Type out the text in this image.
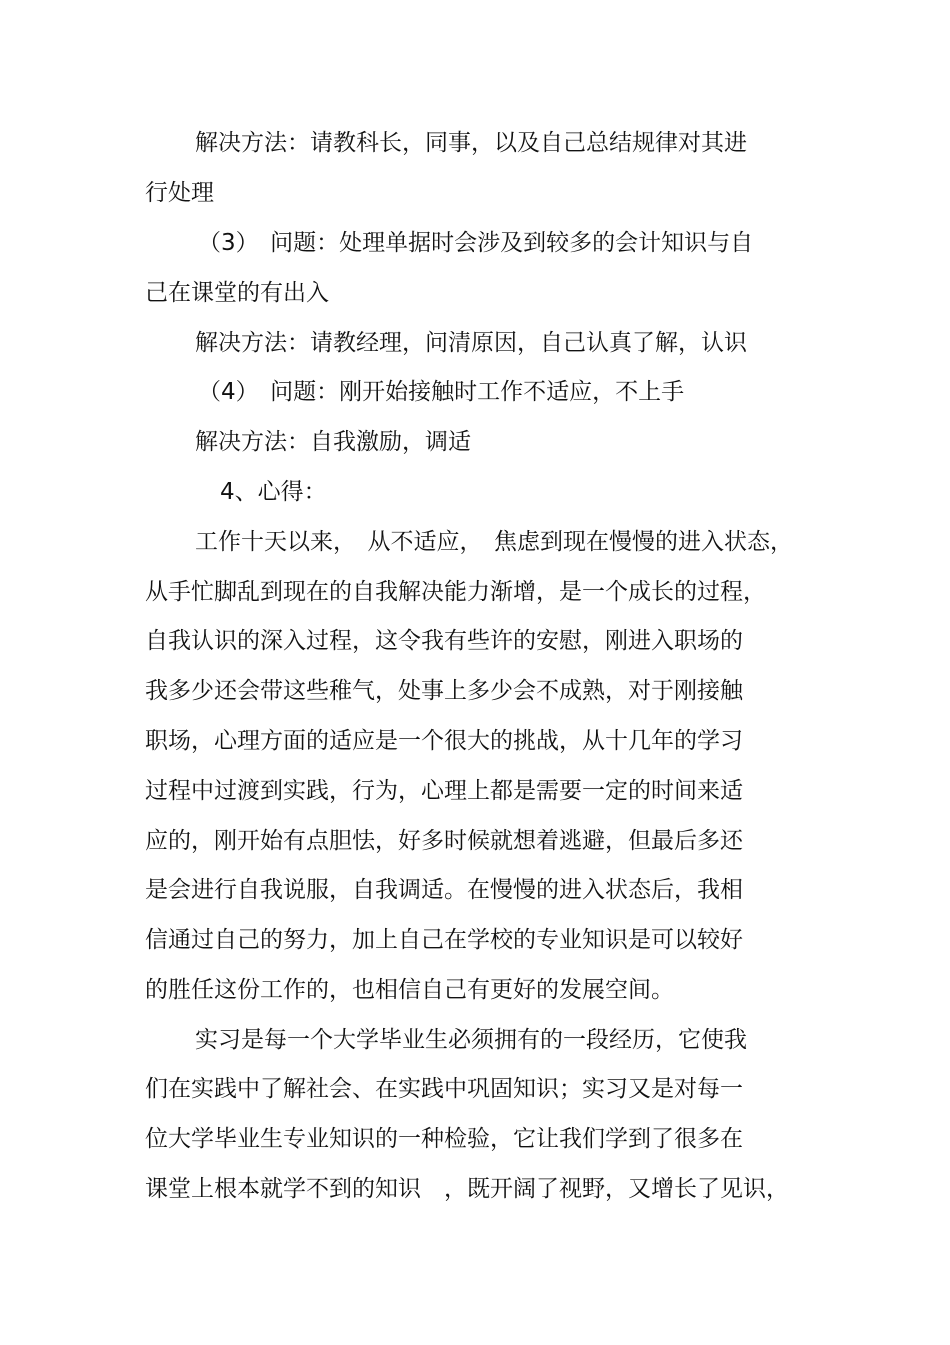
解决方法：请教科长，同事，以及自己总结规律对其进
行处理
（3）　问题：处理单据时会涉及到较多的会计知识与自
己在课堂的有出入
解决方法：请教经理，问清原因，自己认真了解，认识
（4）　问题：刚开始接触时工作不适应，不上手
解决方法：自我激励，调适
4、心得：
工作十天以来，　从不适应，　焦虑到现在慢慢的进入状态，
从手忙脚乱到现在的自我解决能力渐增，是一个成长的过程，
自我认识的深入过程，这令我有些许的安慰，刚进入职场的
我多少还会带这些稚气，处事上多少会不成熟，对于刚接触
职场，心理方面的适应是一个很大的挑战，从十几年的学习
过程中过渡到实践，行为，心理上都是需要一定的时间来适
应的，刚开始有点胆怯，好多时候就想着逃避，但最后多还
是会进行自我说服，自我调适。在慢慢的进入状态后，我相
信通过自己的努力，加上自己在学校的专业知识是可以较好
的胜任这份工作的，也相信自己有更好的发展空间。
实习是每一个大学毕业生必须拥有的一段经历，它使我
们在实践中了解社会、在实践中巩固知识；实习又是对每一
位大学毕业生专业知识的一种检验，它让我们学到了很多在
课堂上根本就学不到的知识　，既开阔了视野，又增长了见识，
